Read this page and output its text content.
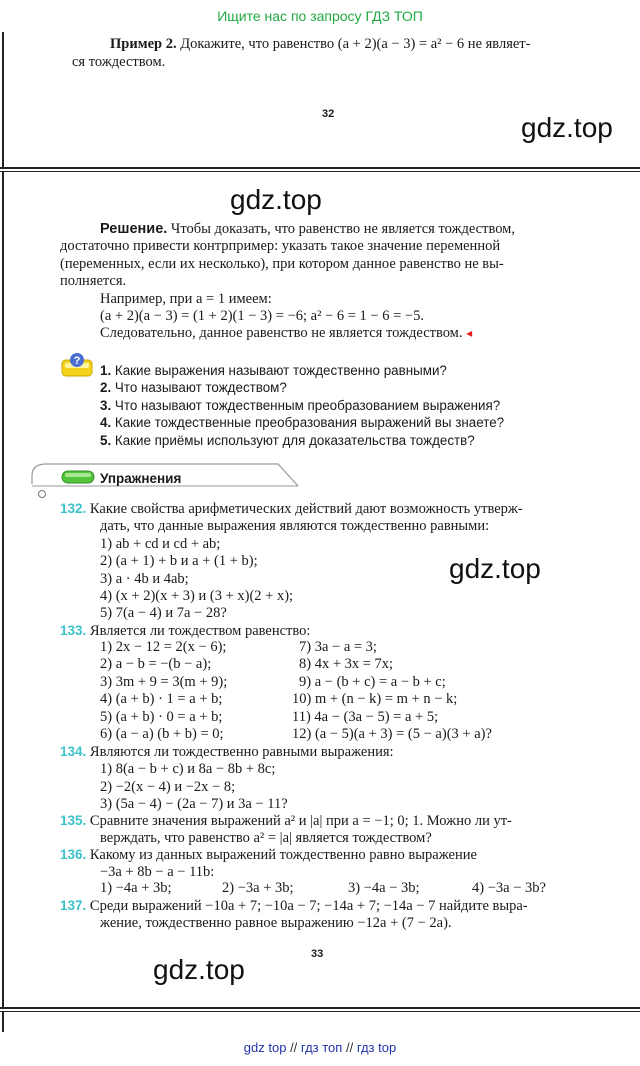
Ищите нас по запросу ГДЗ ТОП
Пример 2. Докажите, что равенство (a + 2)(a − 3) = a² − 6 не являет-
ся тождеством.
32	gdz.top
gdz.top
Решение. Чтобы доказать, что равенство не является тождеством,
достаточно привести контрпример: указать такое значение переменной
(переменных, если их несколько), при котором данное равенство не вы-
полняется.
Например, при a = 1 имеем:
(a + 2)(a − 3) = (1 + 2)(1 − 3) = −6; a² − 6 = 1 − 6 = −5.
Следовательно, данное равенство не является тождеством. ◂
?
1. Какие выражения называют тождественно равными?
2. Что называют тождеством?
3. Что называют тождественным преобразованием выражения?
4. Какие тождественные преобразования выражений вы знаете?
5. Какие приёмы используют для доказательства тождеств?
Упражнения
132. Какие свойства арифметических действий дают возможность утверж-
дать, что данные выражения являются тождественно равными:
1) ab + cd и cd + ab;
2) (a + 1) + b и a + (1 + b);
3) a · 4b и 4ab;
4) (x + 2)(x + 3) и (3 + x)(2 + x);
5) 7(a − 4) и 7a − 28?
gdz.top
133. Является ли тождеством равенство:
1) 2x − 12 = 2(x − 6);
2) a − b = −(b − a);
3) 3m + 9 = 3(m + 9);
4) (a + b) · 1 = a + b;
5) (a + b) · 0 = a + b;
6) (a − a) (b + b) = 0;
7) 3a − a = 3;
8) 4x + 3x = 7x;
9) a − (b + c) = a − b + c;
10) m + (n − k) = m + n − k;
11) 4a − (3a − 5) = a + 5;
12) (a − 5)(a + 3) = (5 − a)(3 + a)?
134. Являются ли тождественно равными выражения:
1) 8(a − b + c) и 8a − 8b + 8c;
2) −2(x − 4) и −2x − 8;
3) (5a − 4) − (2a − 7) и 3a − 11?
135. Сравните значения выражений a² и |a| при a = −1; 0; 1. Можно ли ут-
верждать, что равенство a² = |a| является тождеством?
136. Какому из данных выражений тождественно равно выражение
−3a + 8b − a − 11b:
1) −4a + 3b;	2) −3a + 3b;	3) −4a − 3b;	4) −3a − 3b?
137. Среди выражений −10a + 7; −10a − 7; −14a + 7; −14a − 7 найдите выра-
жение, тождественно равное выражению −12a + (7 − 2a).
33
gdz.top
gdz top // гдз топ // гдз top
